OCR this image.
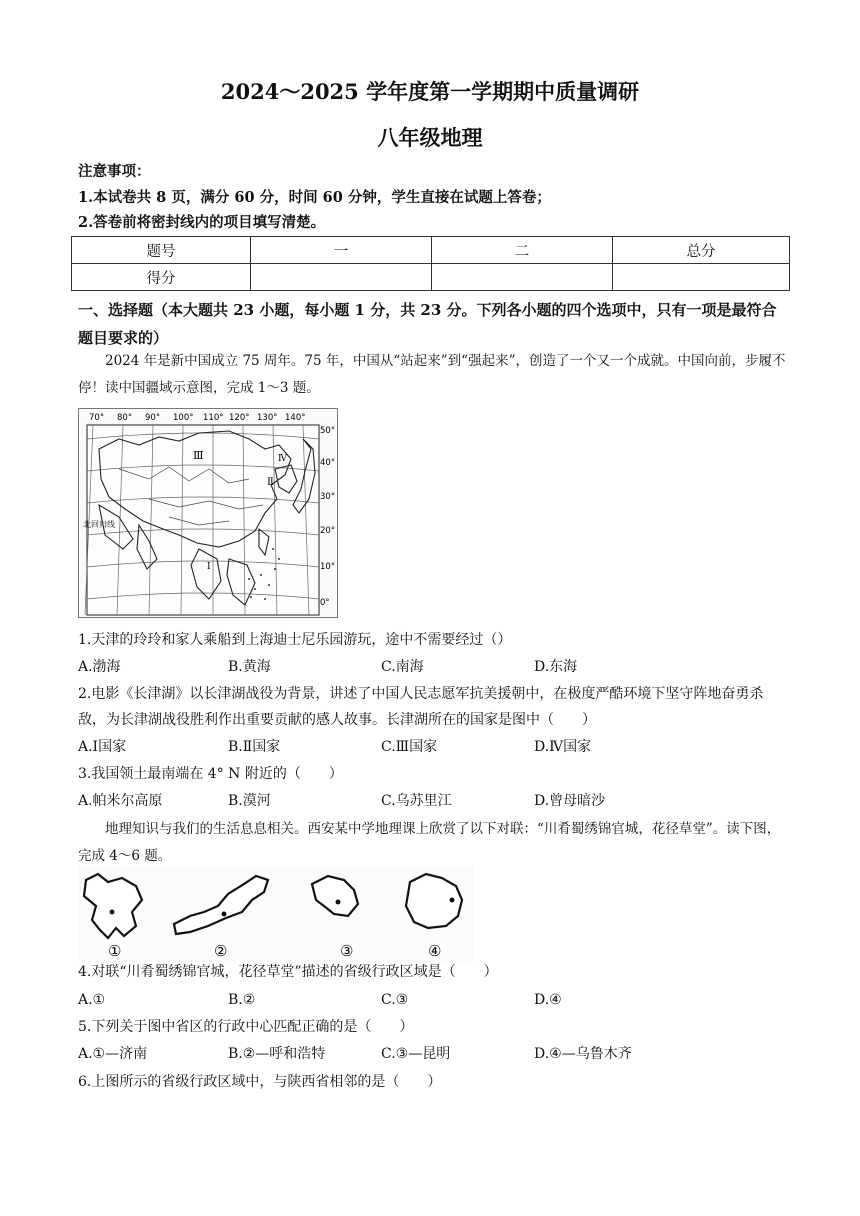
2024～2025 学年度第一学期期中质量调研
八年级地理
注意事项：
1.本试卷共 8 页，满分 60 分，时间 60 分钟，学生直接在试题上答卷；
2.答卷前将密封线内的项目填写清楚。
题号	一	二	总分
得分			
一、选择题（本大题共 23 小题，每小题 1 分，共 23 分。下列各小题的四个选项中，只有一项是最符合题目要求的）
2024 年是新中国成立 75 周年。75 年，中国从“站起来”到“强起来”，创造了一个又一个成就。中国向前，步履不停！读中国疆域示意图，完成 1～3 题。
70° 80° 90° 100° 110° 120° 130° 140°
50°
40°
30°
20°
10°
0°
Ⅲ
Ⅱ
Ⅳ
Ⅰ
北回归线
1.天津的玲玲和家人乘船到上海迪士尼乐园游玩，途中不需要经过（）
A.渤海	B.黄海	C.南海	D.东海
2.电影《长津湖》以长津湖战役为背景，讲述了中国人民志愿军抗美援朝中，在极度严酷环境下坚守阵地奋勇杀敌，为长津湖战役胜利作出重要贡献的感人故事。长津湖所在的国家是图中（　　）
A.Ⅰ国家	B.Ⅱ国家	C.Ⅲ国家	D.Ⅳ国家
3.我国领土最南端在 4° N 附近的（　　）
A.帕米尔高原	B.漠河	C.乌苏里江	D.曾母暗沙
地理知识与我们的生活息息相关。西安某中学地理课上欣赏了以下对联：“川肴蜀绣锦官城，花径草堂”。读下图，完成 4～6 题。
①	②	③	④
4.对联“川肴蜀绣锦官城，花径草堂”描述的省级行政区域是（　　）
A.①	B.②	C.③	D.④
5.下列关于图中省区的行政中心匹配正确的是（　　）
A.①—济南	B.②—呼和浩特	C.③—昆明	D.④—乌鲁木齐
6.上图所示的省级行政区域中，与陕西省相邻的是（　　）
